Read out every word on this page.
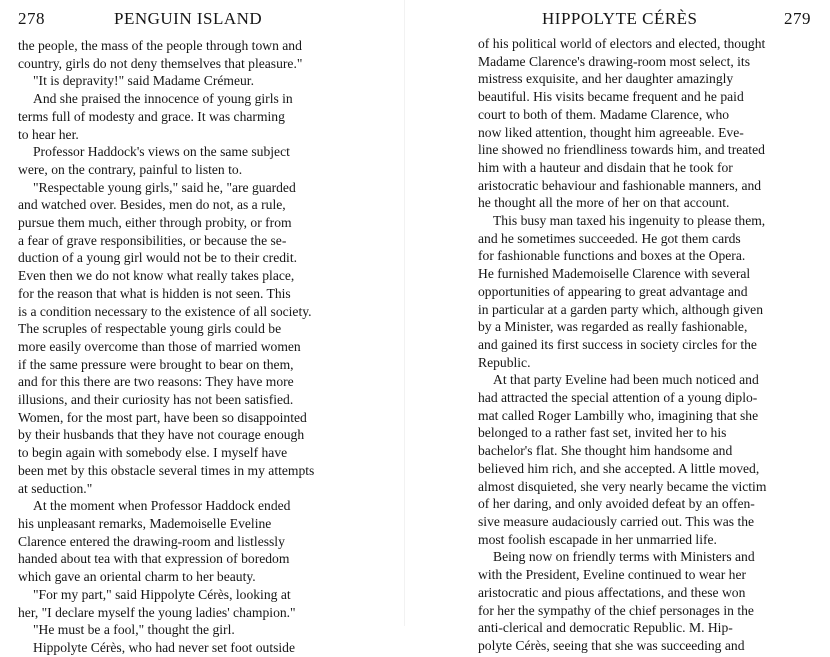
278	PENGUIN ISLAND
the people, the mass of the people through town and
country, girls do not deny themselves that pleasure."
"It is depravity!" said Madame Crémeur.
And she praised the innocence of young girls in
terms full of modesty and grace. It was charming
to hear her.
Professor Haddock's views on the same subject
were, on the contrary, painful to listen to.
"Respectable young girls," said he, "are guarded
and watched over. Besides, men do not, as a rule,
pursue them much, either through probity, or from
a fear of grave responsibilities, or because the se-
duction of a young girl would not be to their credit.
Even then we do not know what really takes place,
for the reason that what is hidden is not seen. This
is a condition necessary to the existence of all society.
The scruples of respectable young girls could be
more easily overcome than those of married women
if the same pressure were brought to bear on them,
and for this there are two reasons: They have more
illusions, and their curiosity has not been satisfied.
Women, for the most part, have been so disappointed
by their husbands that they have not courage enough
to begin again with somebody else. I myself have
been met by this obstacle several times in my attempts
at seduction."
At the moment when Professor Haddock ended
his unpleasant remarks, Mademoiselle Eveline
Clarence entered the drawing-room and listlessly
handed about tea with that expression of boredom
which gave an oriental charm to her beauty.
"For my part," said Hippolyte Cérès, looking at
her, "I declare myself the young ladies' champion."
"He must be a fool," thought the girl.
Hippolyte Cérès, who had never set foot outside
HIPPOLYTE CÉRÈS	279
of his political world of electors and elected, thought
Madame Clarence's drawing-room most select, its
mistress exquisite, and her daughter amazingly
beautiful. His visits became frequent and he paid
court to both of them. Madame Clarence, who
now liked attention, thought him agreeable. Eve-
line showed no friendliness towards him, and treated
him with a hauteur and disdain that he took for
aristocratic behaviour and fashionable manners, and
he thought all the more of her on that account.
This busy man taxed his ingenuity to please them,
and he sometimes succeeded. He got them cards
for fashionable functions and boxes at the Opera.
He furnished Mademoiselle Clarence with several
opportunities of appearing to great advantage and
in particular at a garden party which, although given
by a Minister, was regarded as really fashionable,
and gained its first success in society circles for the
Republic.
At that party Eveline had been much noticed and
had attracted the special attention of a young diplo-
mat called Roger Lambilly who, imagining that she
belonged to a rather fast set, invited her to his
bachelor's flat. She thought him handsome and
believed him rich, and she accepted. A little moved,
almost disquieted, she very nearly became the victim
of her daring, and only avoided defeat by an offen-
sive measure audaciously carried out. This was the
most foolish escapade in her unmarried life.
Being now on friendly terms with Ministers and
with the President, Eveline continued to wear her
aristocratic and pious affectations, and these won
for her the sympathy of the chief personages in the
anti-clerical and democratic Republic. M. Hip-
polyte Cérès, seeing that she was succeeding and
